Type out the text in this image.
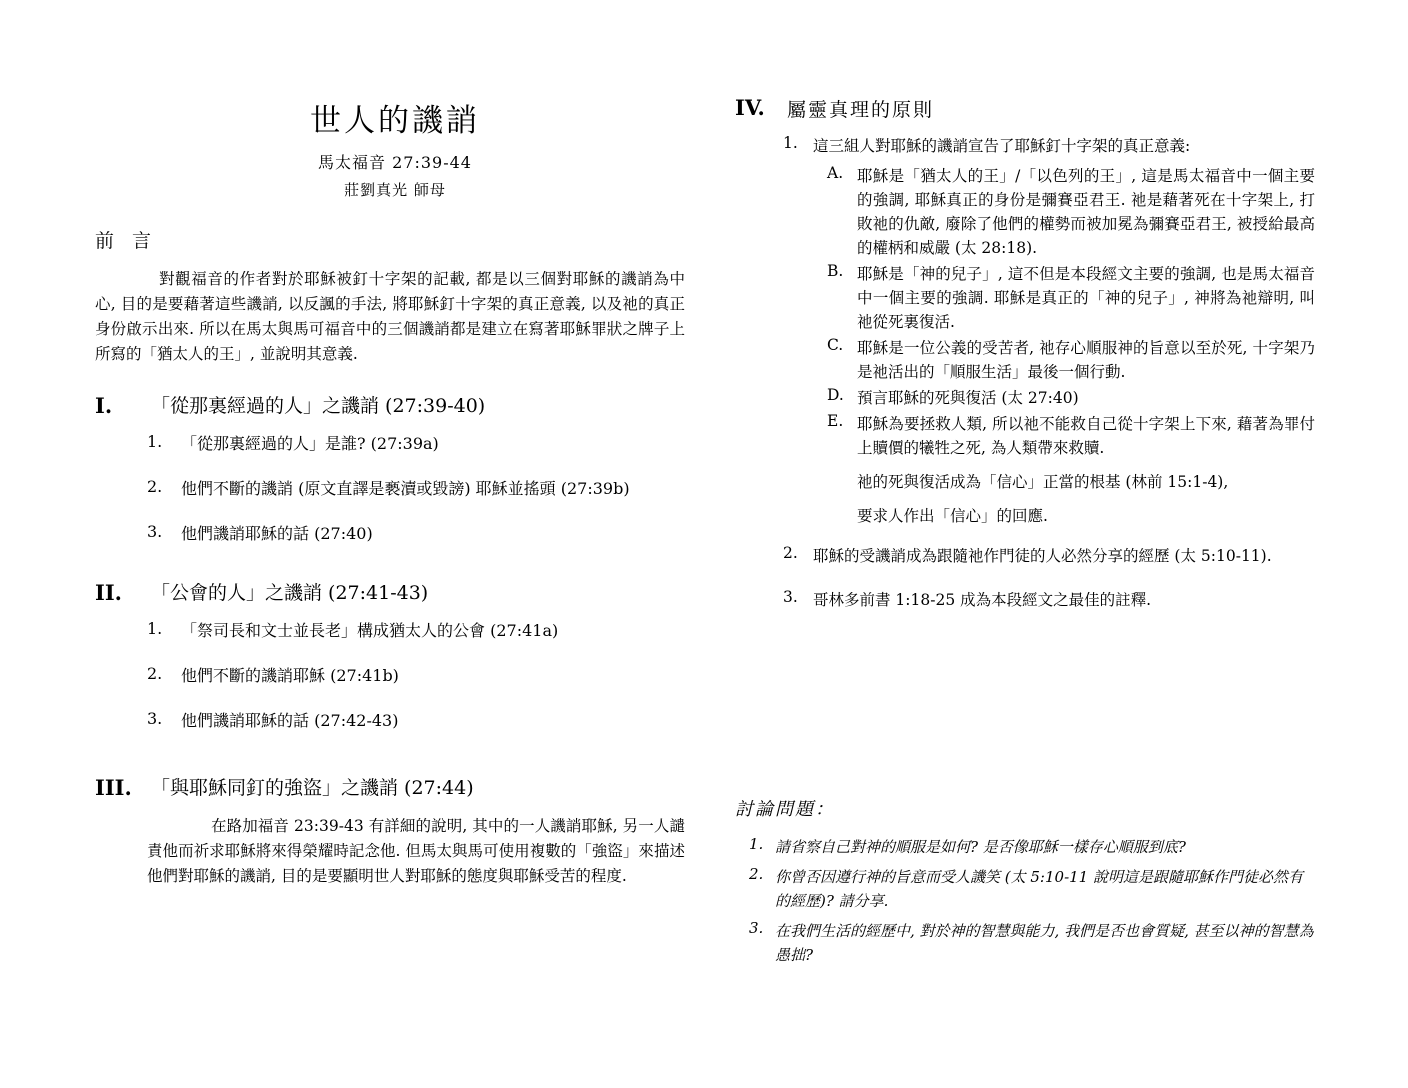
世人的譏誚
馬太福音 27:39-44
莊劉真光 師母
前 言
對觀福音的作者對於耶穌被釘十字架的記載, 都是以三個對耶穌的譏誚為中心, 目的是要藉著這些譏誚, 以反諷的手法, 將耶穌釘十字架的真正意義, 以及祂的真正身份啟示出來. 所以在馬太與馬可福音中的三個譏誚都是建立在寫著耶穌罪狀之牌子上所寫的「猶太人的王」, 並說明其意義.
I.	「從那裏經過的人」之譏誚 (27:39-40)
1.	「從那裏經過的人」是誰? (27:39a)
2.	他們不斷的譏誚 (原文直譯是褻瀆或毀謗) 耶穌並搖頭 (27:39b)
3.	他們譏誚耶穌的話 (27:40)
II.	「公會的人」之譏誚 (27:41-43)
1.	「祭司長和文士並長老」構成猶太人的公會 (27:41a)
2.	他們不斷的譏誚耶穌 (27:41b)
3.	他們譏誚耶穌的話 (27:42-43)
III.	「與耶穌同釘的強盜」之譏誚 (27:44)
在路加福音 23:39-43 有詳細的說明, 其中的一人譏誚耶穌, 另一人譴責他而祈求耶穌將來得榮耀時記念他. 但馬太與馬可使用複數的「強盜」來描述他們對耶穌的譏誚, 目的是要顯明世人對耶穌的態度與耶穌受苦的程度.
IV.	屬靈真理的原則
1. 這三組人對耶穌的譏誚宣告了耶穌釘十字架的真正意義:
A. 耶穌是「猶太人的王」/「以色列的王」, 這是馬太福音中一個主要的強調, 耶穌真正的身份是彌賽亞君王. 祂是藉著死在十字架上, 打敗祂的仇敵, 廢除了他們的權勢而被加冕為彌賽亞君王, 被授給最高的權柄和威嚴 (太 28:18).
B. 耶穌是「神的兒子」, 這不但是本段經文主要的強調, 也是馬太福音中一個主要的強調. 耶穌是真正的「神的兒子」, 神將為祂辯明, 叫祂從死裏復活.
C. 耶穌是一位公義的受苦者, 祂存心順服神的旨意以至於死, 十字架乃是祂活出的「順服生活」最後一個行動.
D. 預言耶穌的死與復活 (太 27:40)
E. 耶穌為要拯救人類, 所以祂不能救自己從十字架上下來, 藉著為罪付上贖價的犧牲之死, 為人類帶來救贖.

祂的死與復活成為「信心」正當的根基 (林前 15:1-4),

要求人作出「信心」的回應.

2. 耶穌的受譏誚成為跟隨祂作門徒的人必然分享的經歷 (太 5:10-11).
3. 哥林多前書 1:18-25 成為本段經文之最佳的註釋.
討論問題：
1. 請省察自己對神的順服是如何? 是否像耶穌一樣存心順服到底?
2. 你曾否因遵行神的旨意而受人譏笑 (太 5:10-11 說明這是跟隨耶穌作門徒必然有的經歷)? 請分享.
3. 在我們生活的經歷中, 對於神的智慧與能力, 我們是否也會質疑, 甚至以神的智慧為愚拙?
